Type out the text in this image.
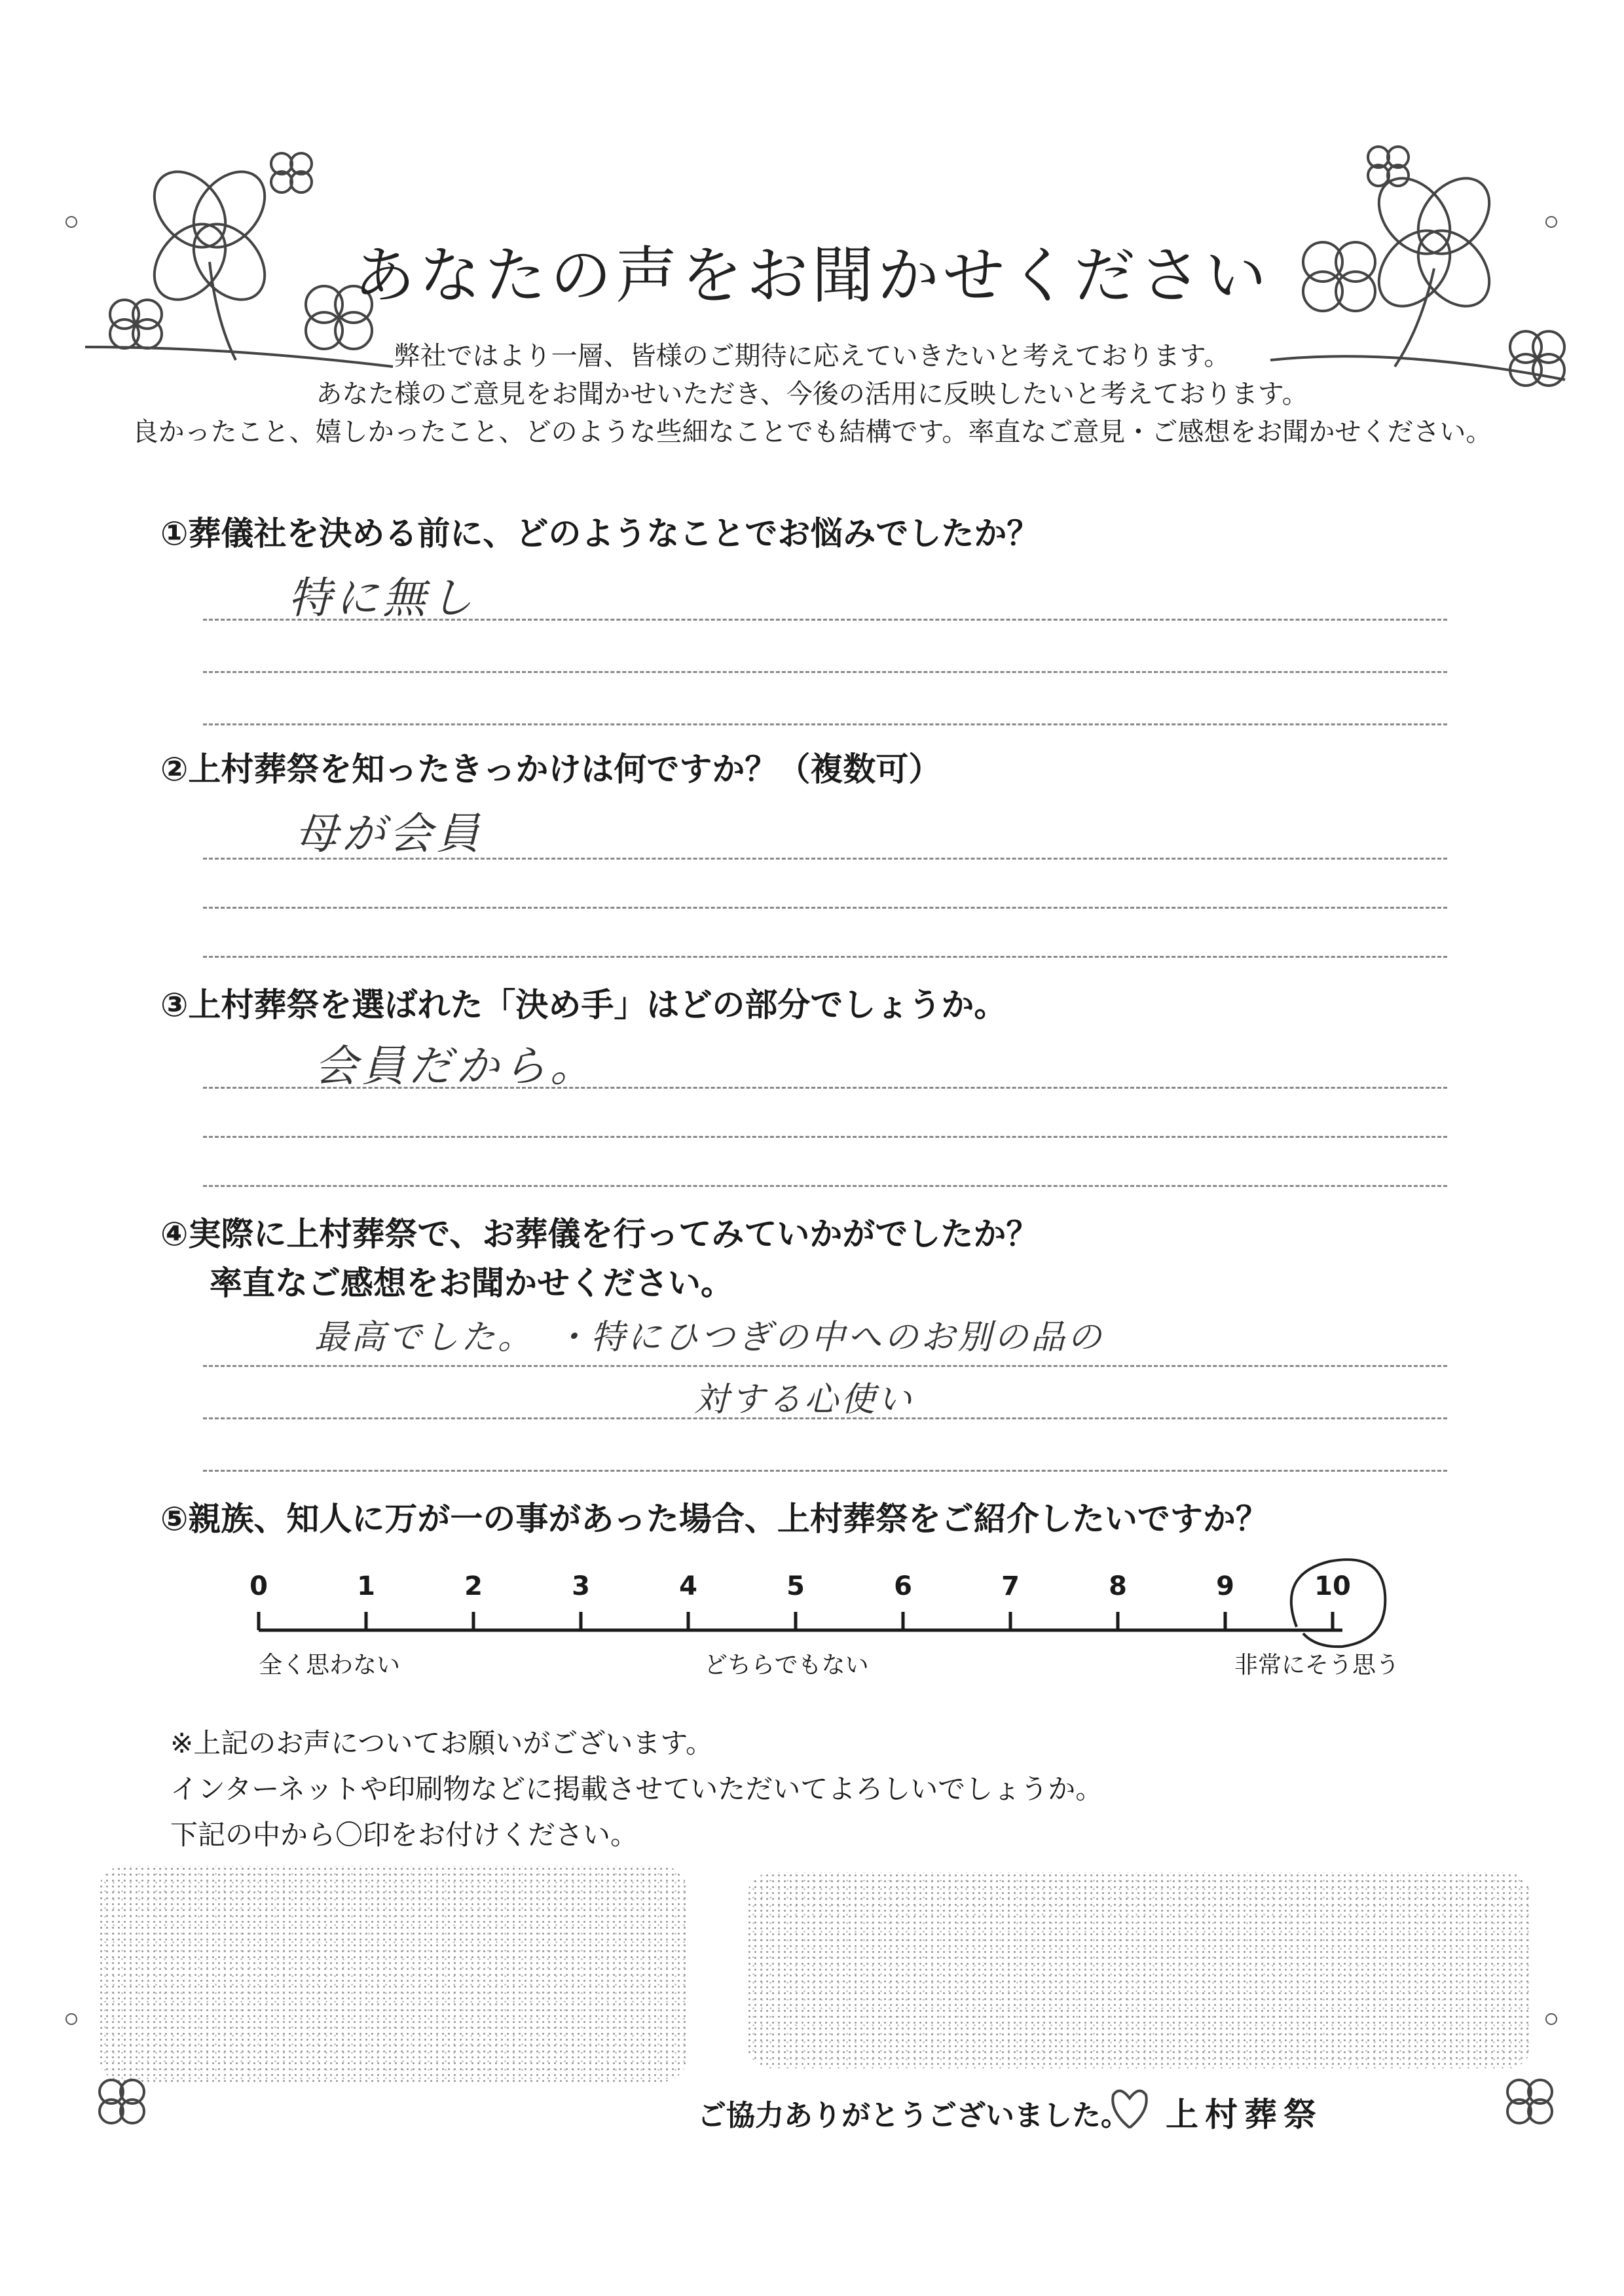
あなたの声をお聞かせください
弊社ではより一層、皆様のご期待に応えていきたいと考えております。
あなた様のご意見をお聞かせいただき、今後の活用に反映したいと考えております。
良かったこと、嬉しかったこと、どのような些細なことでも結構です。率直なご意見・ご感想をお聞かせください。
①葬儀社を決める前に、どのようなことでお悩みでしたか？
特に無し
②上村葬祭を知ったきっかけは何ですか？（複数可）
母が会員
③上村葬祭を選ばれた「決め手」はどの部分でしょうか。
会員だから。
④実際に上村葬祭で、お葬儀を行ってみていかがでしたか？
率直なご感想をお聞かせください。
最高でした。　・特にひつぎの中へのお別の品の
対する心使い
⑤親族、知人に万が一の事があった場合、上村葬祭をご紹介したいですか？
0	1	2	3	4	5	6	7	8	9	10
全く思わない	どちらでもない	非常にそう思う
※上記のお声についてお願いがございます。
インターネットや印刷物などに掲載させていただいてよろしいでしょうか。
下記の中から〇印をお付けください。
ご協力ありがとうございました。 上村葬祭
